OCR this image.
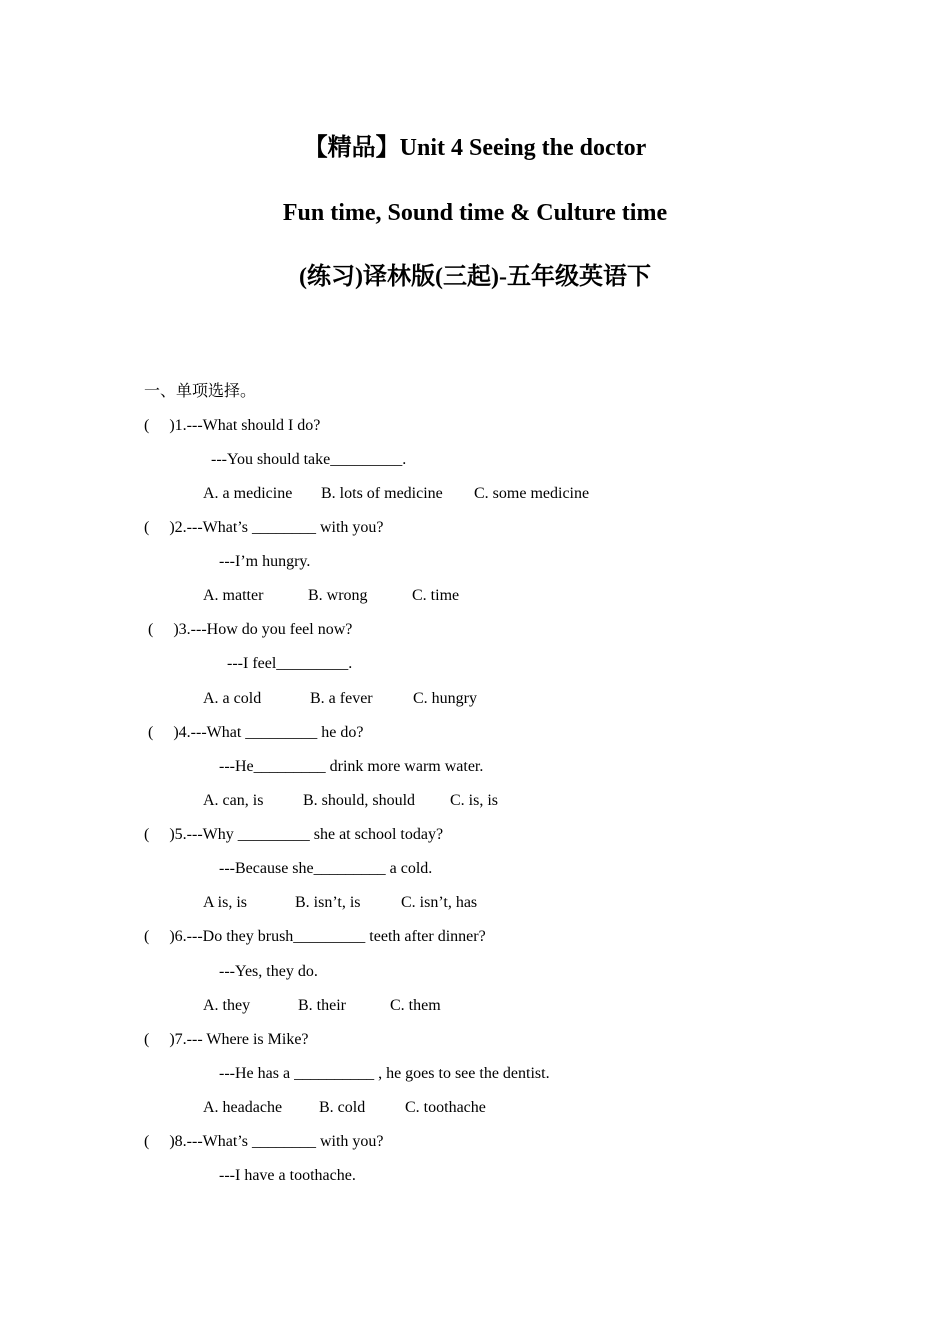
【精品】Unit 4 Seeing the doctor
Fun time, Sound time & Culture time
(练习)译林版(三起)-五年级英语下
一、单项选择。
(     )1.---What should I do?
---You should take_________.
A. a medicine B. lots of medicine C. some medicine
(     )2.---What’s ________ with you?
---I’m hungry.
A. matter	B. wrong	C. time
(     )3.---How do you feel now?
---I feel_________.
A. a cold	B. a fever	C. hungry
(     )4.---What _________ he do?
---He_________ drink more warm water.
A. can, is B. should, should C. is, is
(     )5.---Why _________ she at school today?
---Because she_________ a cold.
A is, is	B. isn’t, is	C. isn’t, has
(     )6.---Do they brush_________ teeth after dinner?
---Yes, they do.
A. they	B. their	C. them
(     )7.--- Where is Mike?
---He has a __________ , he goes to see the dentist.
A. headache B. cold C. toothache
(     )8.---What’s ________ with you?
---I have a toothache.
